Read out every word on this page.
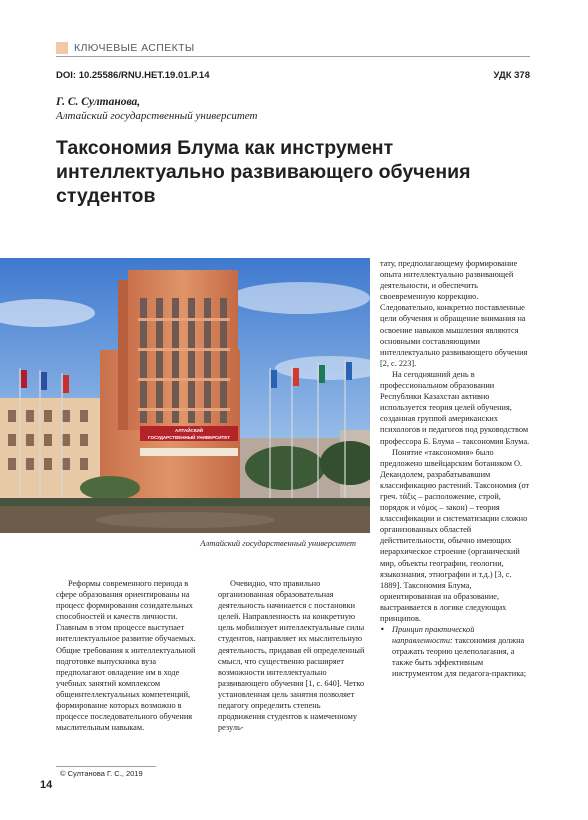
КЛЮЧЕВЫЕ АСПЕКТЫ
DOI: 10.25586/RNU.HET.19.01.P.14	УДК 378
Г. С. Султанова,
Алтайский государственный университет
Таксономия Блума как инструмент интеллектуально развивающего обучения студентов
АЛТАЙСКИЙ
ГОСУДАРСТВЕННЫЙ УНИВЕРСИТЕТ
Алтайский государственный университет

Реформы современного периода в сфере образования ориентированы на процесс формирования созидательных способностей и качеств личности. Главным в этом процессе выступает интеллектуальное развитие обучаемых. Общие требования к интеллектуальной подготовке выпускника вуза предполагают овладение им в ходе учебных занятий комплексом общеинтеллектуальных компетенций, формирование которых возможно в процессе последовательного обучения мыслительным навыкам.

Очевидно, что правильно организованная образовательная деятельность начинается с постановки целей. Направленность на конкретную цель мобилизует интеллектуальные силы студентов, направляет их мыслительную деятельность, придавая ей определенный смысл, что существенно расширяет возможности интеллектуально развивающего обучения [1, с. 640]. Четко установленная цель занятия позволяет педагогу определить степень продвижения студентов к намеченному резуль-

тату, предполагающему формирование опыта интеллектуально развивающей деятельности, и обеспечить своевременную коррекцию. Следовательно, конкретно поставленные цели обучения и обращение внимания на освоение навыков мышления являются основными составляющими интеллектуально развивающего обучения [2, с. 223].

На сегодняшний день в профессиональном образовании Республики Казахстан активно используется теория целей обучения, созданная группой американских психологов и педагогов под руководством профессора Б. Блума – таксономия Блума.

Понятие «таксономия» было предложено швейцарским ботаником О. Декандолем, разрабатывавшим классификацию растений. Таксономия (от греч. τάξις – расположение, строй, порядок и νόμος – закон) – теория классификации и систематизации сложно организованных областей действительности, обычно имеющих иерархическое строение (органический мир, объекты географии, геологии, языкознания, этнографии и т.д.) [3, с. 1889]. Таксономия Блума, ориентированная на образование, выстраивается в логике следующих принципов.

• Принцип практической направленности: таксономия должна отражать теорию целеполагания, а также быть эффективным инструментом для педагога-практика;
© Султанова Г. С., 2019
14
